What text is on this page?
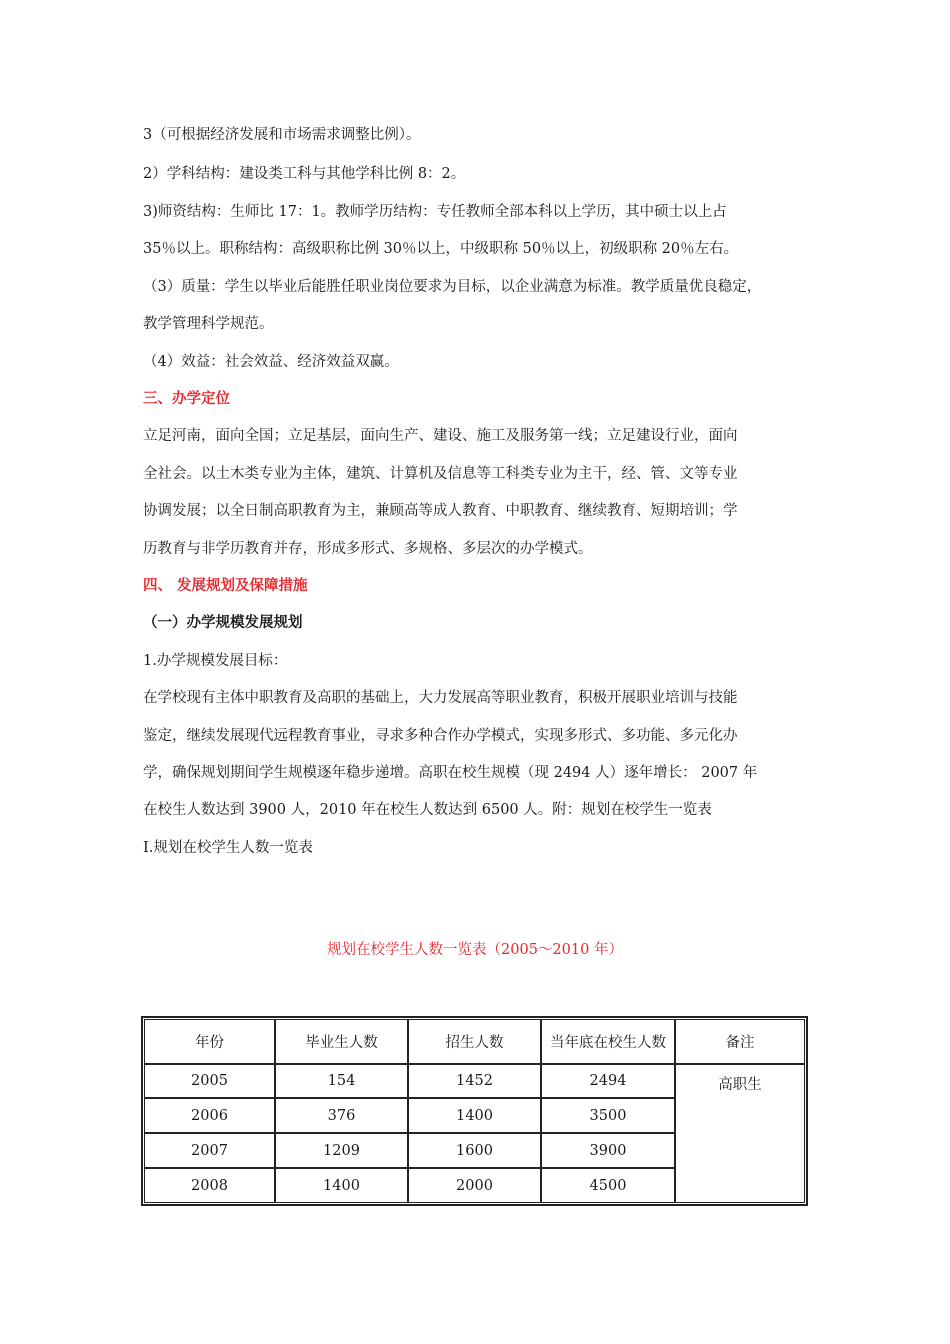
3（可根据经济发展和市场需求调整比例）。
2）学科结构：建设类工科与其他学科比例 8：2。
3)师资结构：生师比 17：1。教师学历结构：专任教师全部本科以上学历，其中硕士以上占
35％以上。职称结构：高级职称比例 30％以上，中级职称 50％以上，初级职称 20％左右。
（3）质量：学生以毕业后能胜任职业岗位要求为目标，以企业满意为标准。教学质量优良稳定，
教学管理科学规范。
（4）效益：社会效益、经济效益双赢。
三、办学定位
立足河南，面向全国；立足基层，面向生产、建设、施工及服务第一线；立足建设行业，面向
全社会。以土木类专业为主体，建筑、计算机及信息等工科类专业为主干，经、管、文等专业
协调发展；以全日制高职教育为主，兼顾高等成人教育、中职教育、继续教育、短期培训；学
历教育与非学历教育并存，形成多形式、多规格、多层次的办学模式。
四、 发展规划及保障措施
（一）办学规模发展规划
1.办学规模发展目标：
在学校现有主体中职教育及高职的基础上，大力发展高等职业教育，积极开展职业培训与技能
鉴定，继续发展现代远程教育事业，寻求多种合作办学模式，实现多形式、多功能、多元化办
学，确保规划期间学生规模逐年稳步递增。高职在校生规模（现 2494 人）逐年增长： 2007 年
在校生人数达到 3900 人，2010 年在校生人数达到 6500 人。附：规划在校学生一览表
Ⅰ.规划在校学生人数一览表
规划在校学生人数一览表（2005～2010 年）
年份	毕业生人数	招生人数	当年底在校生人数	备注
2005	154	1452	2494	高职生
2006	376	1400	3500	
2007	1209	1600	3900	
2008	1400	2000	4500	
